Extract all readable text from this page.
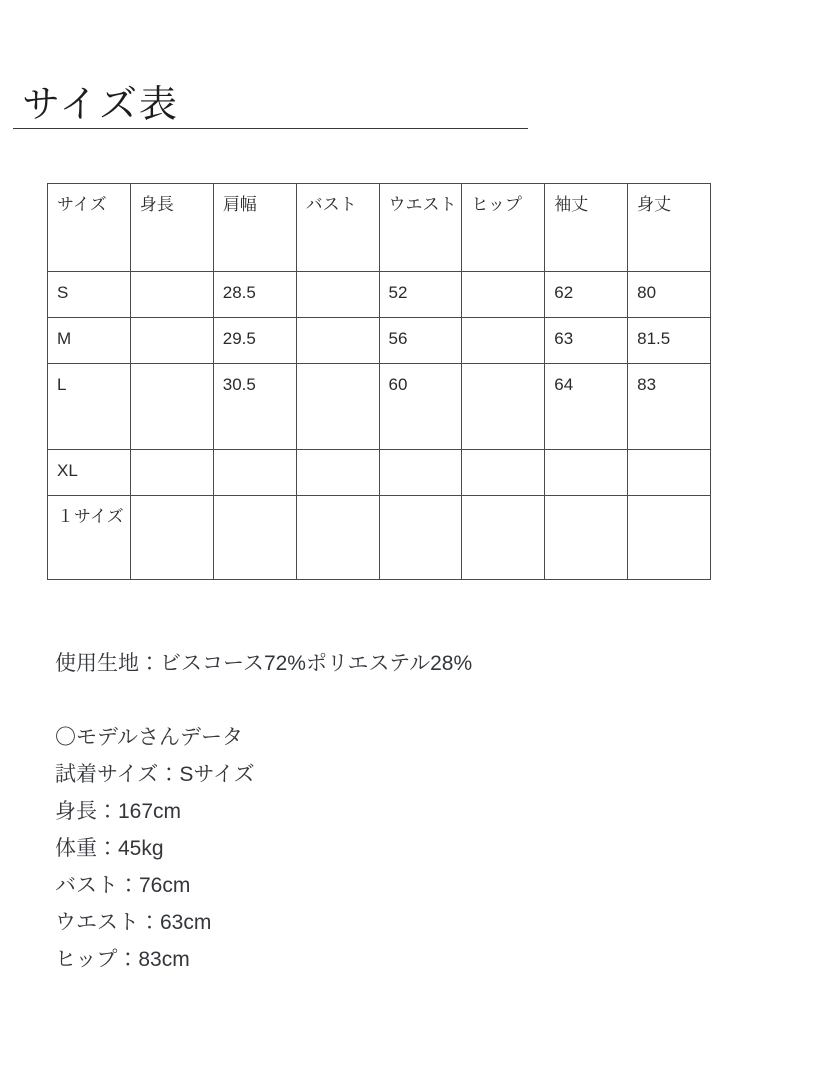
サイズ表
サイズ	身長	肩幅	バスト	ウエスト	ヒップ	袖丈	身丈
S		28.5		52		62	80
M		29.5		56		63	81.5
L		30.5		60		64	83
XL							
１サイズ							
使用生地：ビスコース72%ポリエステル28%
〇モデルさんデータ
試着サイズ：Sサイズ
身長：167cm
体重：45kg
バスト：76cm
ウエスト：63cm
ヒップ：83cm
